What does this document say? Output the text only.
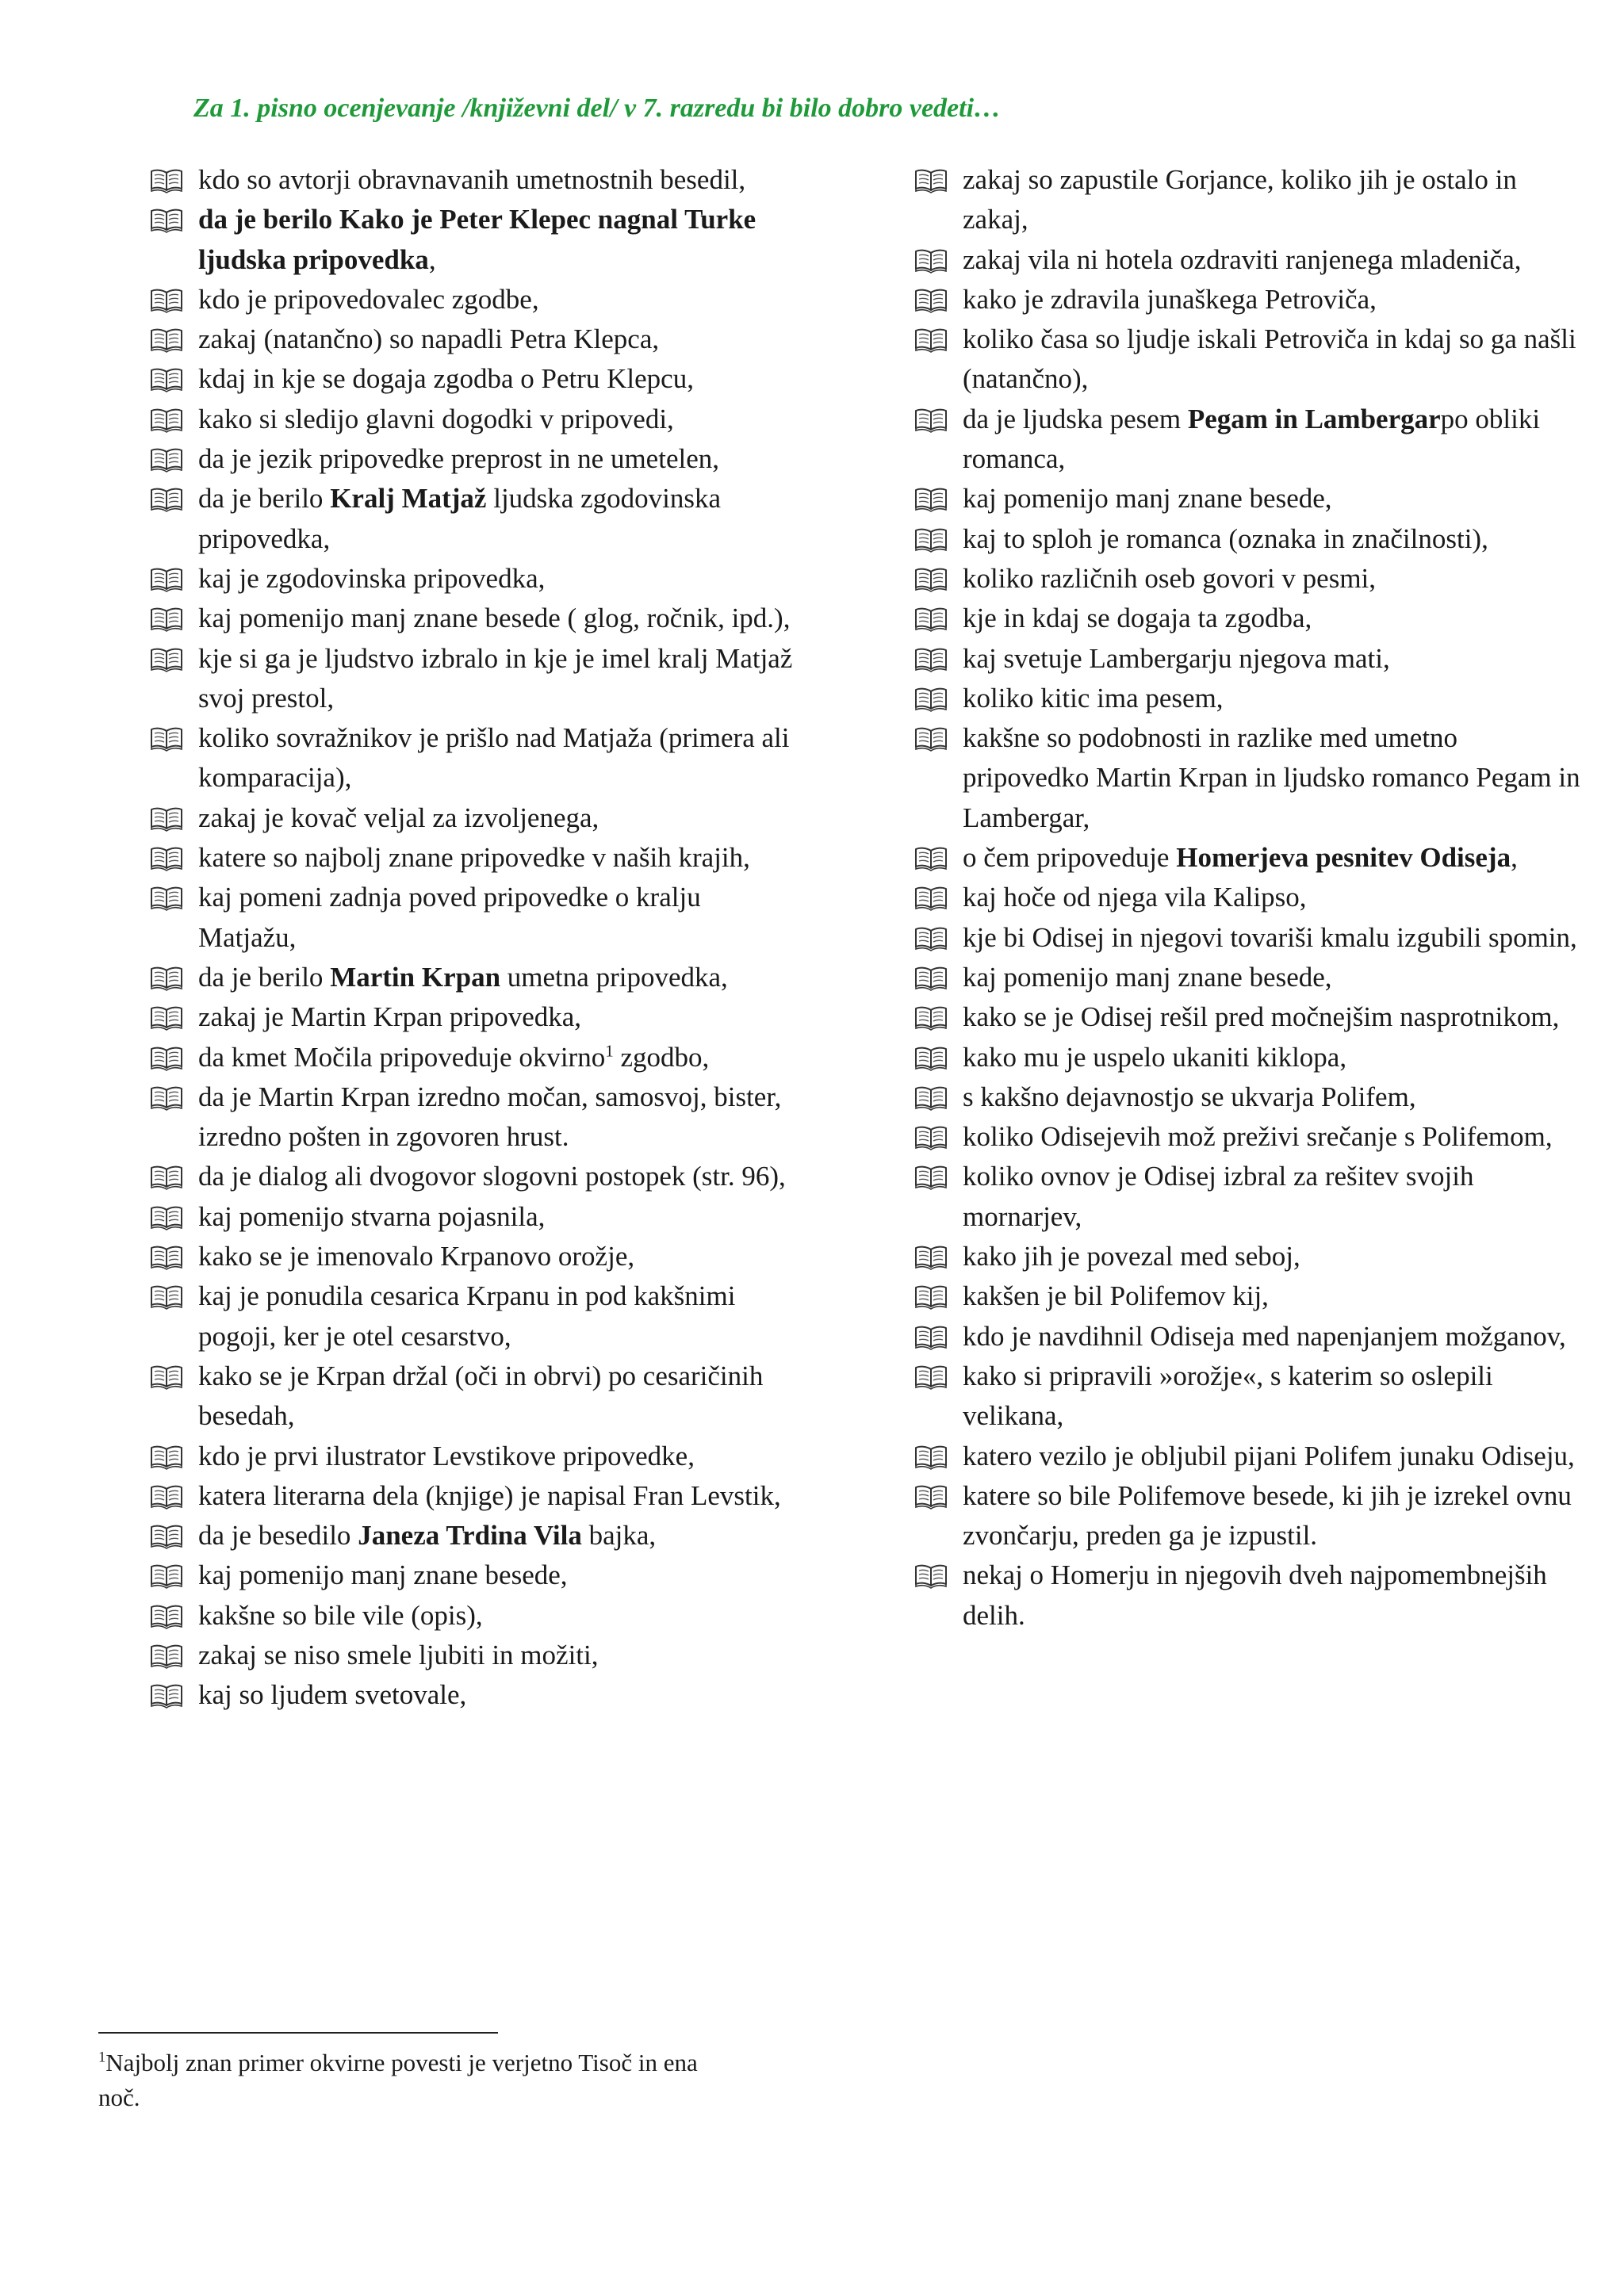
Za 1. pisno ocenjevanje /književni del/ v 7. razredu bi bilo dobro vedeti…
kdo so avtorji obravnavanih umetnostnih besedil,
da je berilo Kako je Peter Klepec nagnal Turke ljudska pripovedka,
kdo je pripovedovalec zgodbe,
zakaj (natančno) so napadli Petra Klepca,
kdaj in kje se dogaja zgodba o Petru Klepcu,
kako si sledijo glavni dogodki v pripovedi,
da je jezik pripovedke preprost in ne umetelen,
da je berilo Kralj Matjaž ljudska zgodovinska pripovedka,
kaj je zgodovinska pripovedka,
kaj pomenijo manj znane besede ( glog, ročnik, ipd.),
kje si ga je ljudstvo izbralo in kje je imel kralj Matjaž svoj prestol,
koliko sovražnikov je prišlo nad Matjaža (primera ali komparacija),
zakaj je kovač veljal za izvoljenega,
katere so najbolj znane pripovedke v naših krajih,
kaj pomeni zadnja poved pripovedke o kralju Matjažu,
da je berilo Martin Krpan umetna pripovedka,
zakaj je Martin Krpan pripovedka,
da kmet Močila pripoveduje okvirno$^1$ zgodbo,
da je Martin Krpan izredno močan, samosvoj, bister, izredno pošten in zgovoren hrust.
da je dialog ali dvogovor slogovni postopek (str. 96),
kaj pomenijo stvarna pojasnila,
kako se je imenovalo Krpanovo orožje,
kaj je ponudila cesarica Krpanu in pod kakšnimi pogoji, ker je otel cesarstvo,
kako se je Krpan držal (oči in obrvi) po cesaričinih besedah,
kdo je prvi ilustrator Levstikove pripovedke,
katera literarna dela (knjige) je napisal Fran Levstik,
da je besedilo Janeza Trdina Vila bajka,
kaj pomenijo manj znane besede,
kakšne so bile vile (opis),
zakaj se niso smele ljubiti in možiti,
kaj so ljudem svetovale,
zakaj so zapustile Gorjance, koliko jih je ostalo in zakaj,
zakaj vila ni hotela ozdraviti ranjenega mladeniča,
kako je zdravila junaškega Petroviča,
koliko časa so ljudje iskali Petroviča in kdaj so ga našli (natančno),
da je ljudska pesem Pegam in Lambergarpo obliki romanca,
kaj pomenijo manj znane besede,
kaj to sploh je romanca (oznaka in značilnosti),
koliko različnih oseb govori v pesmi,
kje in kdaj se dogaja ta zgodba,
kaj svetuje Lambergarju njegova mati,
koliko kitic ima pesem,
kakšne so podobnosti in razlike med umetno pripovedko Martin Krpan in ljudsko romanco Pegam in Lambergar,
o čem pripoveduje Homerjeva pesnitev Odiseja,
kaj hoče od njega vila Kalipso,
kje bi Odisej in njegovi tovariši kmalu izgubili spomin,
kaj pomenijo manj znane besede,
kako se je Odisej rešil pred močnejšim nasprotnikom,
kako mu je uspelo ukaniti kiklopa,
s kakšno dejavnostjo se ukvarja Polifem,
koliko Odisejevih mož preživi srečanje s Polifemom,
koliko ovnov je Odisej izbral za rešitev svojih mornarjev,
kako jih je povezal med seboj,
kakšen je bil Polifemov kij,
kdo je navdihnil Odiseja med napenjanjem možganov,
kako si pripravili »orožje«, s katerim so oslepili velikana,
katero vezilo je obljubil pijani Polifem junaku Odiseju,
katere so bile Polifemove besede, ki jih je izrekel ovnu zvončarju, preden ga je izpustil.
nekaj o Homerju in njegovih dveh najpomembnejših delih.
$^1$Najbolj znan primer okvirne povesti je verjetno Tisoč in ena noč.
